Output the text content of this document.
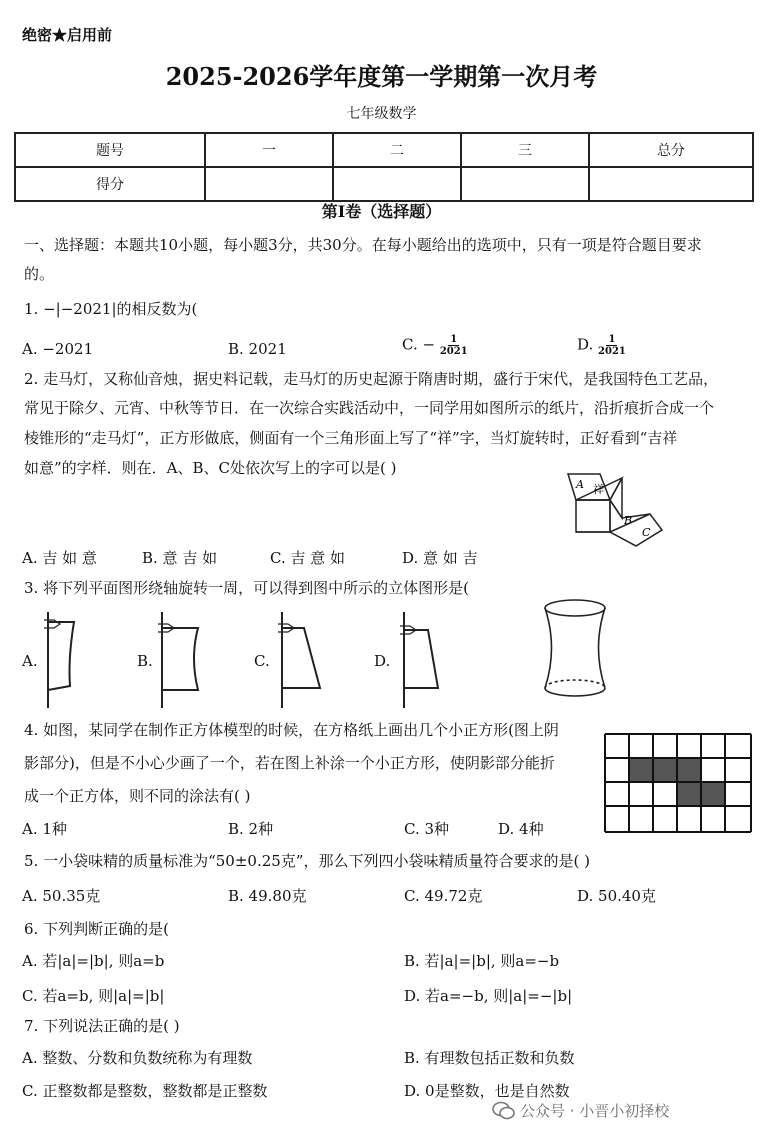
绝密★启用前
2025-2026学年度第一学期第一次月考
七年级数学
题号	一	二	三	总分
得分				
第I卷（选择题）
一、选择题：本题共10小题，每小题3分，共30分。在每小题给出的选项中，只有一项是符合题目要求
的。
1. −|−2021|的相反数为(
A. −2021	B. 2021	C. − $\frac{1}{2021}$	D. $\frac{1}{2021}$
2. 走马灯，又称仙音烛，据史料记载，走马灯的历史起源于隋唐时期，盛行于宋代，是我国特色工艺品，
常见于除夕、元宵、中秋等节日．在一次综合实践活动中，一同学用如图所示的纸片，沿折痕折合成一个
棱锥形的“走马灯”，正方形做底，侧面有一个三角形面上写了“祥”字，当灯旋转时，正好看到“吉祥
如意”的字样．则在．A、B、C处依次写上的字可以是( )
A 祥
B
C
A. 吉 如 意	B. 意 吉 如	C. 吉 意 如	D. 意 如 吉
3. 将下列平面图形绕轴旋转一周，可以得到图中所示的立体图形是(
A.	B.	C.	D.
4. 如图，某同学在制作正方体模型的时候，在方格纸上画出几个小正方形(图上阴
影部分)，但是不小心少画了一个，若在图上补涂一个小正方形，使阴影部分能折
成一个正方体，则不同的涂法有( )
A. 1种	B. 2种	C. 3种	D. 4种
5. 一小袋味精的质量标准为“50±0.25克”，那么下列四小袋味精质量符合要求的是( )
A. 50.35克	B. 49.80克	C. 49.72克	D. 50.40克
6. 下列判断正确的是(
A. 若|a|=|b|, 则a=b	B. 若|a|=|b|, 则a=−b
C. 若a=b, 则|a|=|b|	D. 若a=−b, 则|a|=−|b|
7. 下列说法正确的是( )
A. 整数、分数和负数统称为有理数	B. 有理数包括正数和负数
C. 正整数都是整数，整数都是正整数	D. 0是整数，也是自然数
公众号 · 小晋小初择校
